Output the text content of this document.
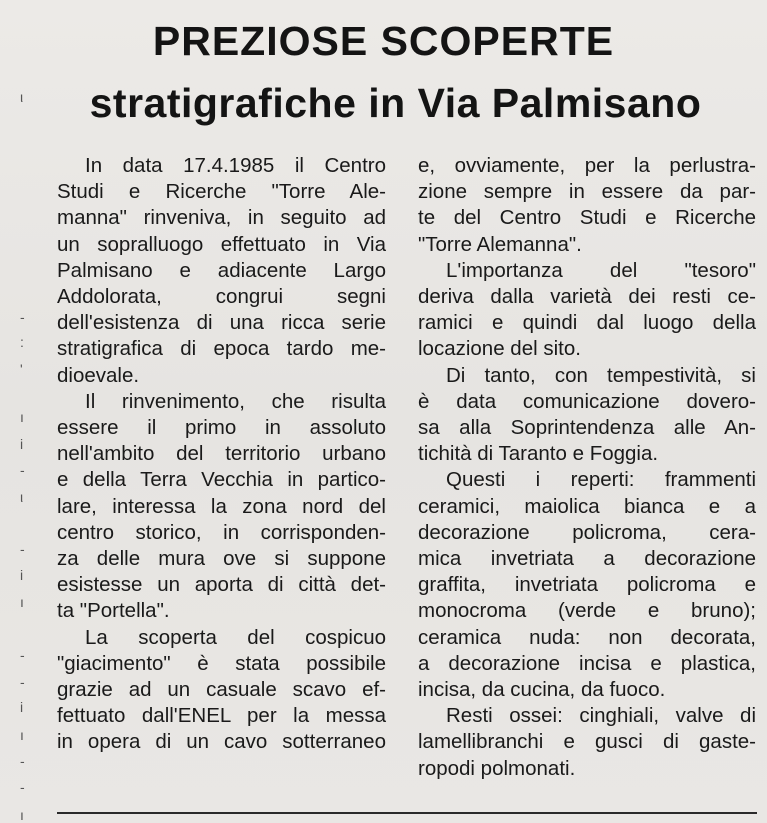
PREZIOSE SCOPERTE
stratigrafiche in Via Palmisano
ι
-
:
'
ı
i
-
ι
-
i
ı
-
-
i
ı
-
-
ı
In data 17.4.1985 il Centro
Studi e Ricerche "Torre Ale-
manna" rinveniva, in seguito ad
un sopralluogo effettuato in Via
Palmisano e adiacente Largo
Addolorata, congrui segni
dell'esistenza di una ricca serie
stratigrafica di epoca tardo me-
dioevale.
Il rinvenimento, che risulta
essere il primo in assoluto
nell'ambito del territorio urbano
e della Terra Vecchia in partico-
lare, interessa la zona nord del
centro storico, in corrisponden-
za delle mura ove si suppone
esistesse un aporta di città det-
ta "Portella".
La scoperta del cospicuo
"giacimento" è stata possibile
grazie ad un casuale scavo ef-
fettuato dall'ENEL per la messa
in opera di un cavo sotterraneo
e, ovviamente, per la perlustra-
zione sempre in essere da par-
te del Centro Studi e Ricerche
"Torre Alemanna".
L'importanza del "tesoro"
deriva dalla varietà dei resti ce-
ramici e quindi dal luogo della
locazione del sito.
Di tanto, con tempestività, si
è data comunicazione doverο-
sa alla Soprintendenza alle An-
tichità di Taranto e Foggia.
Questi i reperti: frammenti
ceramici, maiolica bianca e a
decorazione policroma, cera-
mica invetriata a decorazione
graffita, invetriata policroma e
monocroma (verde e bruno);
ceramica nuda: non decorata,
a decorazione incisa e plastica,
incisa, da cucina, da fuoco.
Resti ossei: cinghiali, valve di
lamellibranchi e gusci di gaste-
ropodi polmonati.
